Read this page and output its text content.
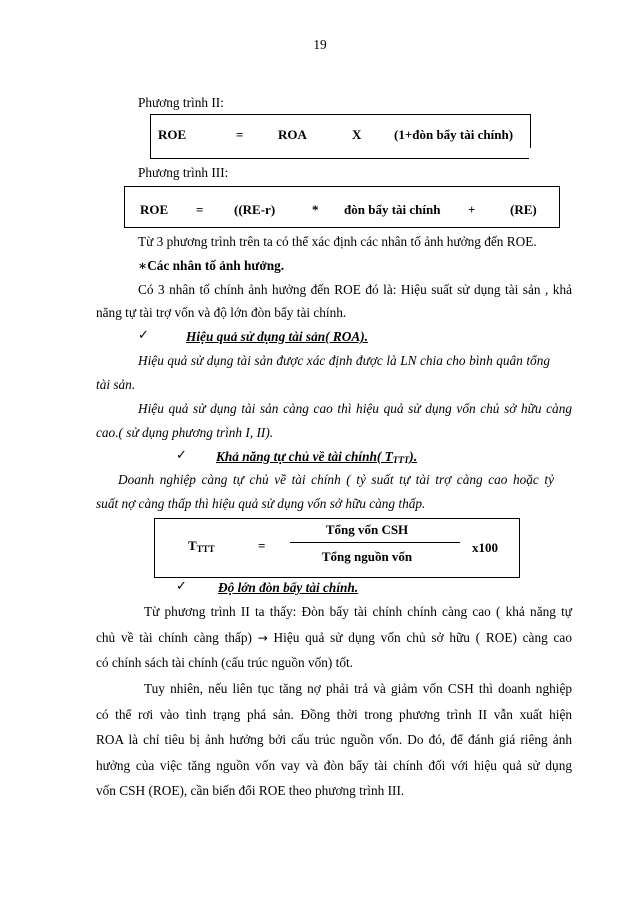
19
Phương trình II:
ROE	=	ROA	X	(1+đòn bẩy tài chính)
Phương trình III:
ROE = ((RE-r)	* đòn bẩy tài chính +	(RE)
Từ 3 phương trình trên ta có thể xác định các nhân tố ảnh hưởng đến ROE.
∗Các nhân tố ảnh hưởng.
Có 3 nhân tố chính ảnh hưởng đến ROE đó là: Hiệu suất sử dụng tài sản , khả
năng tự tài trợ vốn và độ lớn đòn bẩy tài chính.
✓	Hiệu quả sử dụng tài sản( ROA).
Hiệu quả sử dụng tài sản được xác định được là LN chia cho bình quân tổng
tài sản.
Hiệu quả sử dụng tài sản càng cao thì hiệu quả sử dụng vốn chủ sở hữu càng
cao.( sử dụng phương trình I, II).
✓ Khả năng tự chủ về tài chính( $T_{TTT}$).
Doanh nghiệp càng tự chủ về tài chính ( tỷ suất tự tài trợ càng cao hoặc tỷ
suất nợ càng thấp thì hiệu quả sử dụng vốn sở hữu càng thấp.
$T_{TTT}$	=
Tổng vốn CSH
Tổng nguồn vốn
x100
✓ Độ lớn đòn bẩy tài chính.
Từ phương trình II ta thấy: Đòn bẩy tài chính chính càng cao ( khả năng tự
chủ về tài chính càng thấp) → Hiệu quả sử dụng vốn chủ sở hữu ( ROE) càng cao
có chính sách tài chính (cấu trúc nguồn vốn) tốt.
Tuy nhiên, nếu liên tục tăng nợ phải trả và giảm vốn CSH thì doanh nghiệp
có thể rơi vào tình trạng phá sản. Đồng thời trong phương trình II vẫn xuất hiện
ROA là chỉ tiêu bị ảnh hưởng bởi cấu trúc nguồn vốn. Do đó, để đánh giá riêng ảnh
hưởng của việc tăng nguồn vốn vay và đòn bẩy tài chính đối với hiệu quả sử dụng
vốn CSH (ROE), cần biến đổi ROE theo phương trình III.
